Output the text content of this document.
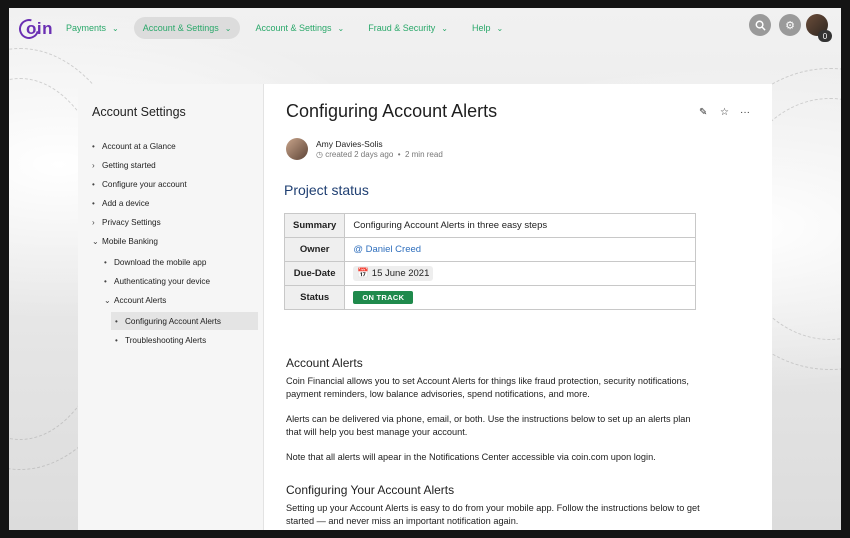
oin Payments ⌄	Account & Settings ⌄	Account & Settings ⌄	Fraud & Security ⌄	Help ⌄	⚙
0
Account Settings
• Account at a Glance
› Getting started
• Configure your account
• Add a device
› Privacy Settings
⌄ Mobile Banking
• Download the mobile app
• Authenticating your device
⌄ Account Alerts
• Configuring Account Alerts
• Troubleshooting Alerts
Configuring Account Alerts	✎ ☆ ···
Amy Davies-Solis
◷ created 2 days ago  •  2 min read
Project status
Summary	Configuring Account Alerts in three easy steps
Owner	@ Daniel Creed
Due-Date	📅 15 June 2021
Status	ON TRACK
Account Alerts
Coin Financial allows you to set Account Alerts for things like fraud protection, security notifications, payment reminders, low balance advisories, spend notifications, and more.
Alerts can be delivered via phone, email, or both. Use the instructions below to set up an alerts plan that will help you best manage your account.
Note that all alerts will apear in the Notifications Center accessible via coin.com upon login.
Configuring Your Account Alerts
Setting up your Account Alerts is easy to do from your mobile app. Follow the instructions below to get started — and never miss an important notification again.
